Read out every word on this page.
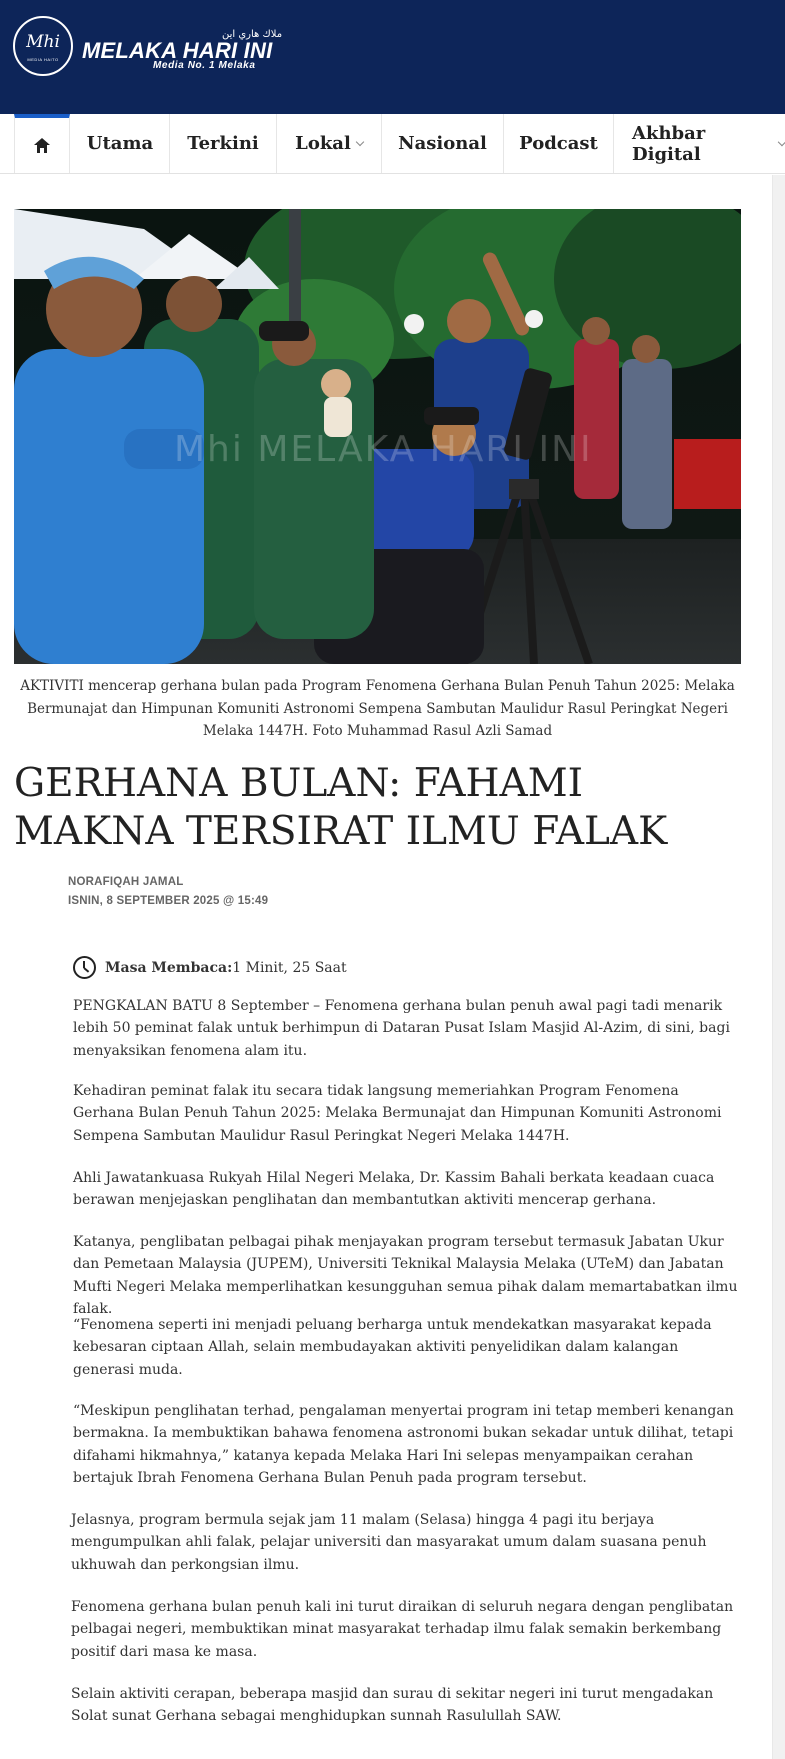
Mhi
MEDIA HAITO
ملاك هاري اين
MELAKA HARI INI
Media No. 1 Melaka
Utama Terkini Lokal	Nasional Podcast Akhbar Digital
Mhi MELAKA HARI INI
AKTIVITI mencerap gerhana bulan pada Program Fenomena Gerhana Bulan Penuh Tahun 2025: Melaka Bermunajat dan Himpunan Komuniti Astronomi Sempena Sambutan Maulidur Rasul Peringkat Negeri Melaka 1447H. Foto Muhammad Rasul Azli Samad
GERHANA BULAN: FAHAMI MAKNA TERSIRAT ILMU FALAK
NORAFIQAH JAMAL
ISNIN, 8 SEPTEMBER 2025 @ 15:49
Masa Membaca: 1 Minit, 25 Saat

PENGKALAN BATU 8 September – Fenomena gerhana bulan penuh awal pagi tadi menarik lebih 50 peminat falak untuk berhimpun di Dataran Pusat Islam Masjid Al-Azim, di sini, bagi menyaksikan fenomena alam itu.

Kehadiran peminat falak itu secara tidak langsung memeriahkan Program Fenomena Gerhana Bulan Penuh Tahun 2025: Melaka Bermunajat dan Himpunan Komuniti Astronomi Sempena Sambutan Maulidur Rasul Peringkat Negeri Melaka 1447H.

Ahli Jawatankuasa Rukyah Hilal Negeri Melaka, Dr. Kassim Bahali berkata keadaan cuaca berawan menjejaskan penglihatan dan membantutkan aktiviti mencerap gerhana.

Katanya, penglibatan pelbagai pihak menjayakan program tersebut termasuk Jabatan Ukur dan Pemetaan Malaysia (JUPEM), Universiti Teknikal Malaysia Melaka (UTeM) dan Jabatan Mufti Negeri Melaka memperlihatkan kesungguhan semua pihak dalam memartabatkan ilmu falak.

“Fenomena seperti ini menjadi peluang berharga untuk mendekatkan masyarakat kepada kebesaran ciptaan Allah, selain membudayakan aktiviti penyelidikan dalam kalangan generasi muda.

“Meskipun penglihatan terhad, pengalaman menyertai program ini tetap memberi kenangan bermakna. Ia membuktikan bahawa fenomena astronomi bukan sekadar untuk dilihat, tetapi difahami hikmahnya,” katanya kepada Melaka Hari Ini selepas menyampaikan cerahan bertajuk Ibrah Fenomena Gerhana Bulan Penuh pada program tersebut.

Jelasnya, program bermula sejak jam 11 malam (Selasa) hingga 4 pagi itu berjaya mengumpulkan ahli falak, pelajar universiti dan masyarakat umum dalam suasana penuh ukhuwah dan perkongsian ilmu.

Fenomena gerhana bulan penuh kali ini turut diraikan di seluruh negara dengan penglibatan pelbagai negeri, membuktikan minat masyarakat terhadap ilmu falak semakin berkembang positif dari masa ke masa.

Selain aktiviti cerapan, beberapa masjid dan surau di sekitar negeri ini turut mengadakan Solat sunat Gerhana sebagai menghidupkan sunnah Rasulullah SAW.
